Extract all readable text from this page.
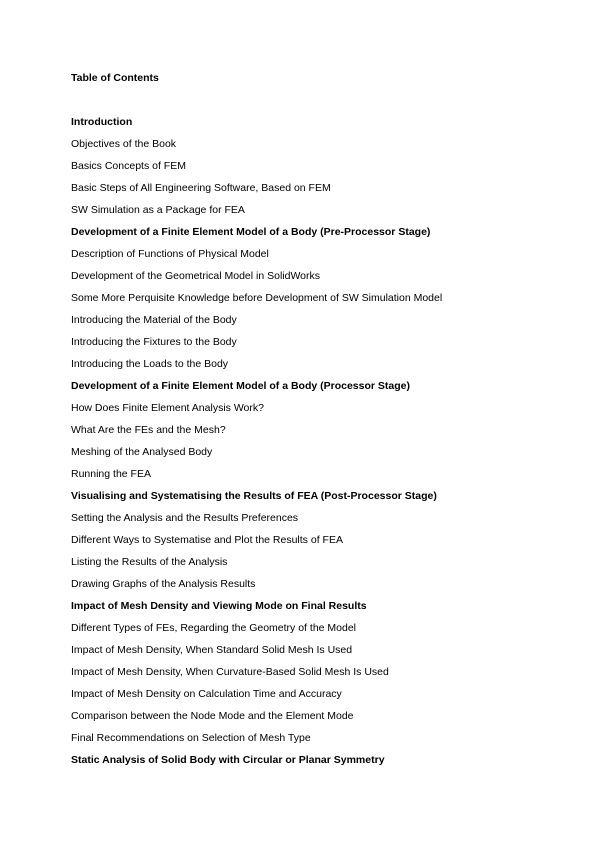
Table of Contents
Introduction
Objectives of the Book
Basics Concepts of FEM
Basic Steps of All Engineering Software, Based on FEM
SW Simulation as a Package for FEA
Development of a Finite Element Model of a Body (Pre-Processor Stage)
Description of Functions of Physical Model
Development of the Geometrical Model in SolidWorks
Some More Perquisite Knowledge before Development of SW Simulation Model
Introducing the Material of the Body
Introducing the Fixtures to the Body
Introducing the Loads to the Body
Development of a Finite Element Model of a Body (Processor Stage)
How Does Finite Element Analysis Work?
What Are the FEs and the Mesh?
Meshing of the Analysed Body
Running the FEA
Visualising and Systematising the Results of FEA (Post-Processor Stage)
Setting the Analysis and the Results Preferences
Different Ways to Systematise and Plot the Results of FEA
Listing the Results of the Analysis
Drawing Graphs of the Analysis Results
Impact of Mesh Density and Viewing Mode on Final Results
Different Types of FEs, Regarding the Geometry of the Model
Impact of Mesh Density, When Standard Solid Mesh Is Used
Impact of Mesh Density, When Curvature-Based Solid Mesh Is Used
Impact of Mesh Density on Calculation Time and Accuracy
Comparison between the Node Mode and the Element Mode
Final Recommendations on Selection of Mesh Type
Static Analysis of Solid Body with Circular or Planar Symmetry
